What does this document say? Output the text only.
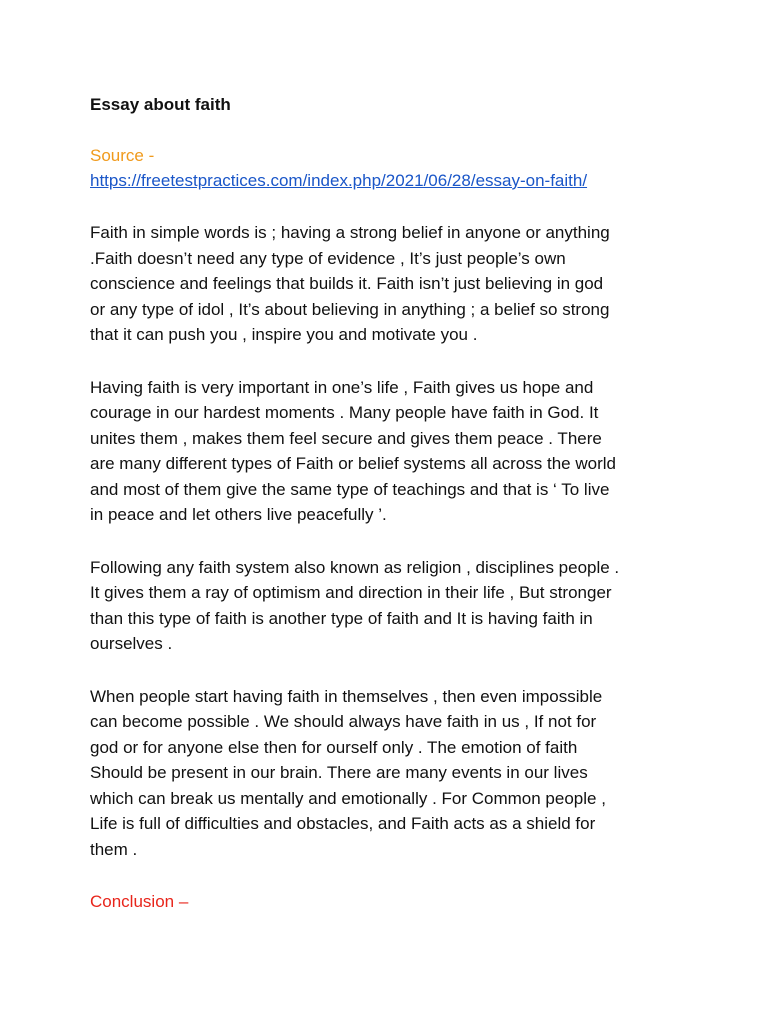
Essay about faith
Source -
https://freetestpractices.com/index.php/2021/06/28/essay-on-faith/

Faith in simple words is ; having a strong belief in anyone or anything
.Faith doesn’t need any type of evidence , It’s just people’s own
conscience and feelings that builds it. Faith isn’t just believing in god
or any type of idol , It’s about believing in anything ; a belief so strong
that it can push you , inspire you and motivate you .

Having faith is very important in one’s life , Faith gives us hope and
courage in our hardest moments . Many people have faith in God. It
unites them , makes them feel secure and gives them peace . There
are many different types of Faith or belief systems all across the world
and most of them give the same type of teachings and that is ‘ To live
in peace and let others live peacefully ’.

Following any faith system also known as religion , disciplines people .
It gives them a ray of optimism and direction in their life , But stronger
than this type of faith is another type of faith and It is having faith in
ourselves .

When people start having faith in themselves , then even impossible
can become possible . We should always have faith in us , If not for
god or for anyone else then for ourself only . The emotion of faith
Should be present in our brain. There are many events in our lives
which can break us mentally and emotionally . For Common people ,
Life is full of difficulties and obstacles, and Faith acts as a shield for
them .

Conclusion –
